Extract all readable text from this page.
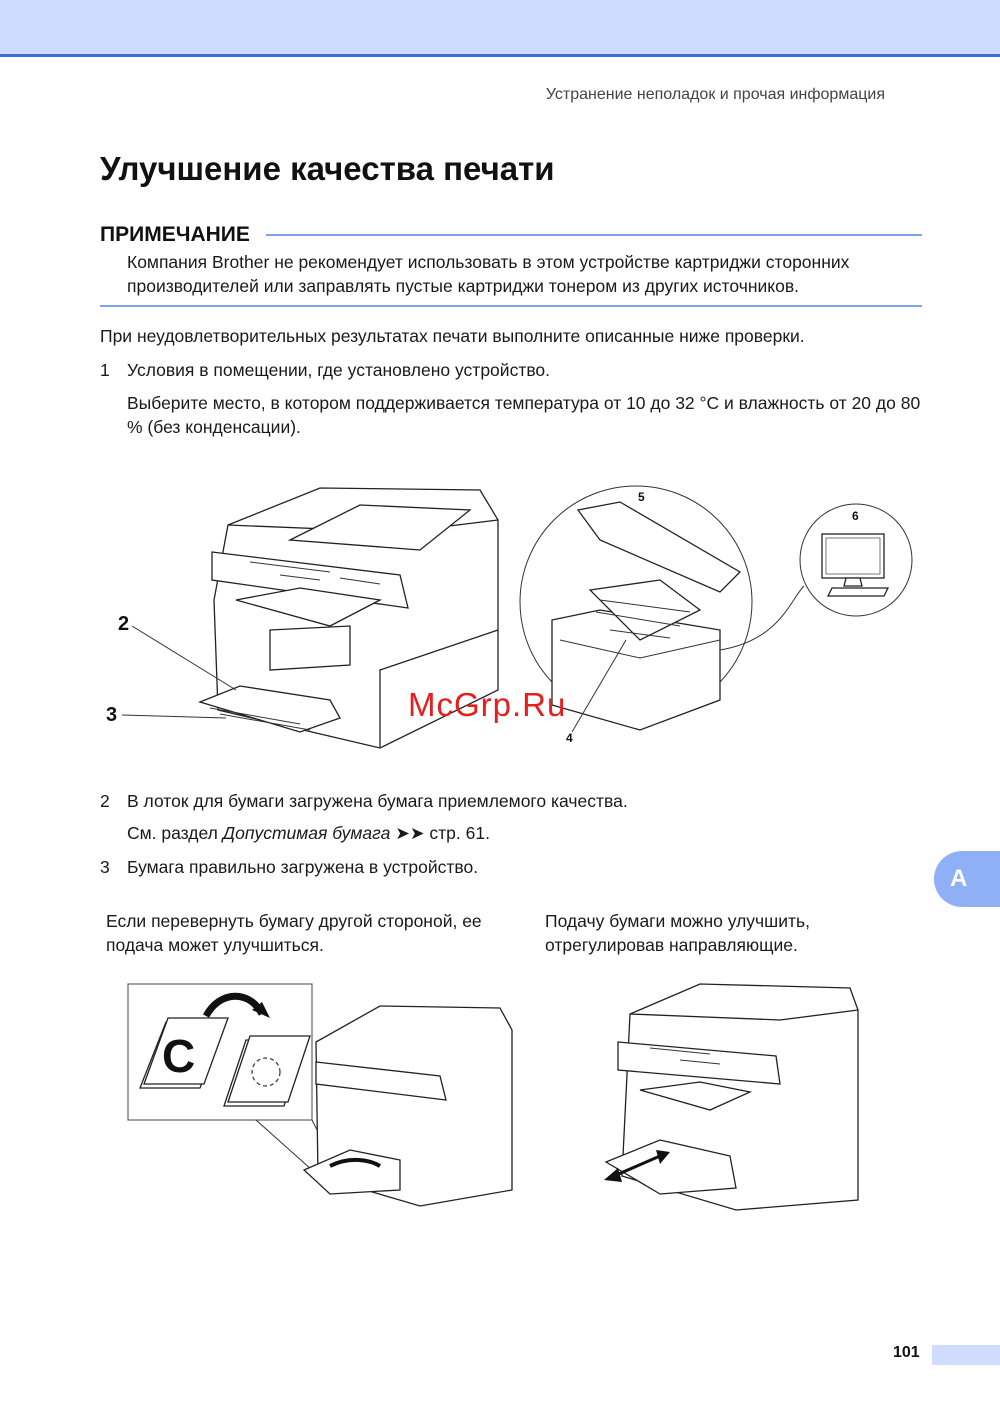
Устранение неполадок и прочая информация
Улучшение качества печати
ПРИМЕЧАНИЕ
Компания Brother не рекомендует использовать в этом устройстве картриджи сторонних производителей или заправлять пустые картриджи тонером из других источников.
При неудовлетворительных результатах печати выполните описанные ниже проверки.
1 Условия в помещении, где установлено устройство.
Выберите место, в котором поддерживается температура от 10 до 32 °C и влажность от 20 до 80 % (без конденсации).
2
3
4
5
6
McGrp.Ru
2 В лоток для бумаги загружена бумага приемлемого качества.
См. раздел Допустимая бумага ➤➤ стр. 61.
3 Бумага правильно загружена в устройство.	A
Если перевернуть бумагу другой стороной, ее подача может улучшиться.
Подачу бумаги можно улучшить, отрегулировав направляющие.
C
101
